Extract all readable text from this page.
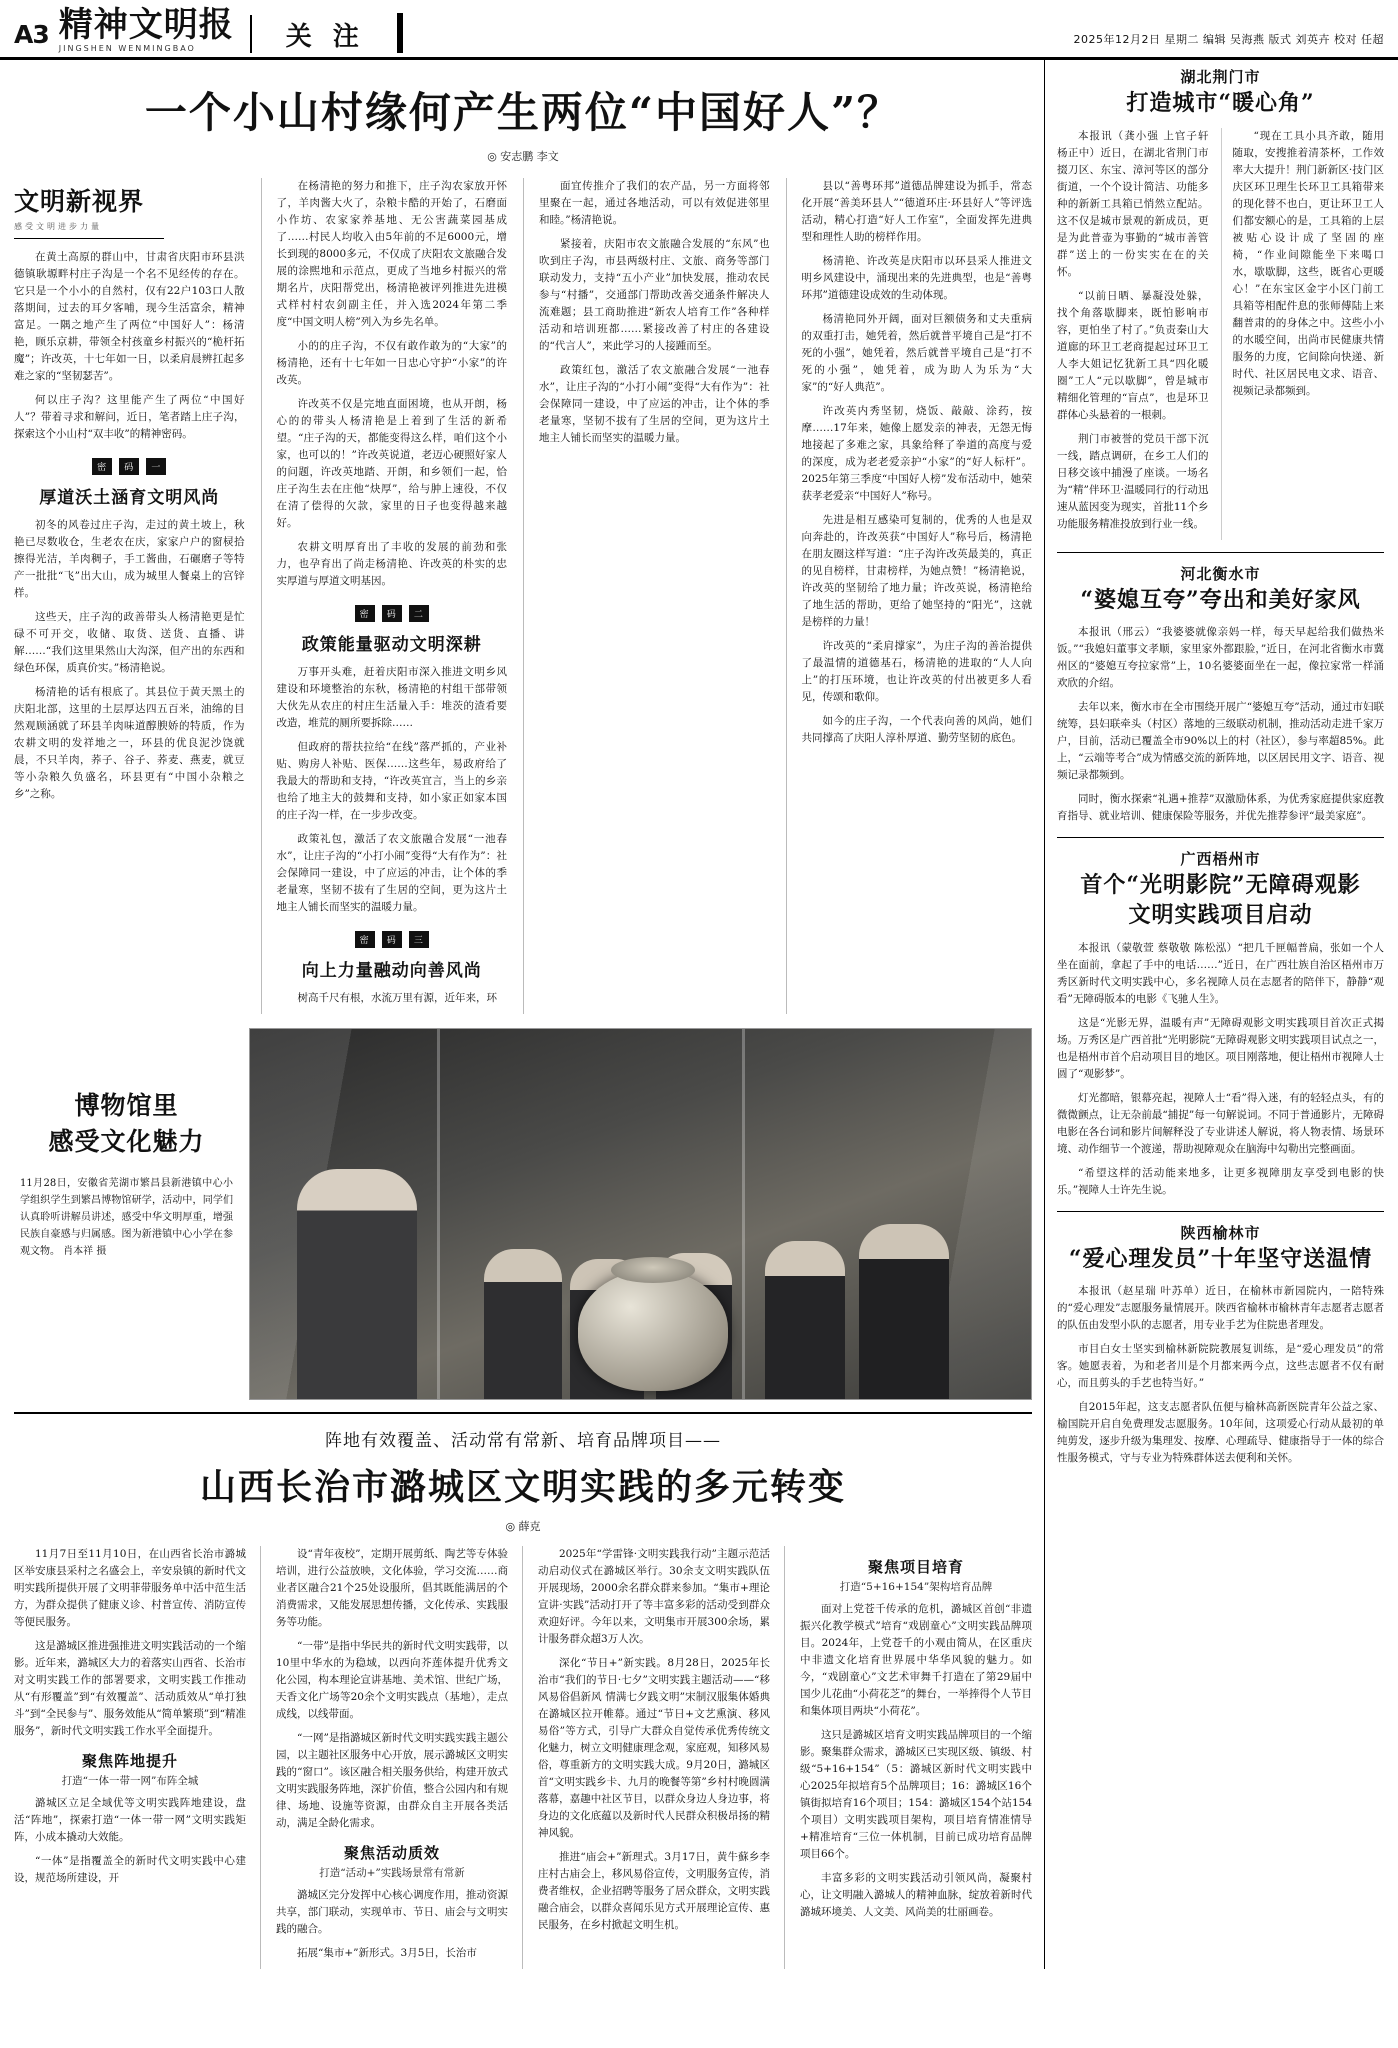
A3 精神文明报
JINGSHEN WENMINGBAO	关 注	2025年12月2日 星期二 编辑 吴海燕 版式 刘英卉 校对 任超
一个小山村缘何产生两位“中国好人”？
◎ 安志鹏 李文
文明新视界
感受文明进步力量

在黄土高原的群山中，甘肃省庆阳市环县洪德镇耿塬畔村庄子沟是一个名不见经传的存在。它只是一个小小的自然村，仅有22户103口人散落期间，过去的耳夕客哺，现今生活富余，精神富足。一隅之地产生了两位“中国好人”：杨清艳，顾乐京耕，带领全村孩童乡村振兴的“桅杆拓魔”；许改英，十七年如一日，以柔肩晨辨扛起多难之家的“坚韧瑟苦”。

何以庄子沟？这里能产生了两位“中国好人”？带着寻求和解问，近日，笔者踏上庄子沟，探索这个小山村“双丰收”的精神密码。

密 码 一
厚道沃土涵育文明风尚

初冬的风卷过庄子沟，走过的黄土坡上，秋艳已尽数收仓，生老农在庆，家家户户的窗棂拾擦得光洁，羊肉稠子，手工酱曲，石碾磨子等特产一批批“飞”出大山，成为城里人餐桌上的宫锌样。

这些天，庄子沟的政善带头人杨清艳更是忙碌不可开交，收储、取货、送货、直播、讲解……“我们这里果然山大沟深，但产出的东西和绿色环保，质真价实。”杨清艳说。

杨清艳的话有根底了。其县位于黄天黑土的庆阳北部，这里的土层厚达四五百米，油绵的目然观顾涵就了环县羊肉味道醇腴娇的特质，作为农耕文明的发祥地之一，环县的优良泥沙饶就晨，不只羊肉，荞子、谷子、荞麦、燕麦，就豆等小杂粮久负盛名，环县更有“中国小杂粮之乡”之称。

在杨清艳的努力和推下，庄子沟农家放开怀了，羊肉酱大火了，杂粮卡酷的开始了，石磨面小作坊、农家家养基地、无公害蔬菜园基成了……村民人均收入由5年前的不足6000元，增长到现的8000多元，不仅成了庆阳农文旅融合发展的涂熙地和示范点，更成了当地乡村振兴的常期名片，庆阳帮党出，杨清艳被评列推进先进模式样村村农剑副主任，并入选2024年第二季度“中国文明人榜”列入为乡先名单。

小的的庄子沟，不仅有敢作敢为的“大家”的杨清艳，还有十七年如一日忠心守护“小家”的许改英。

许改英不仅是完地直面困境，也从开朗，杨心的的带头人杨清艳是上着到了生活的新希望。“庄子沟的天，都能变得这么样，咱们这个小家，也可以的！”许改英说道，老迈心硬照好家人的问题，许改英地踏、开朗，和乡领们一起，恰庄子沟生去在庄他“炔厚”，给与肿上速役，不仅在清了偿得的欠款，家里的日子也变得越来越好。

农耕文明厚育出了丰收的发展的前劲和张力，也孕育出了尚走杨清艳、许改英的朴实的忠实厚道与厚道文明基因。

密 码 二
政策能量驱动文明深耕

万事开头难，赶着庆阳市深入推进文明乡风建设和环境整治的东秋，杨清艳的村组干部带领大伙先从农庄的村庄生活量入手：堆茨的渣肴要改造，堆荒的厕所要拆除……

但政府的帮扶拉给“在线”落严抓的，产业补贴、购房人补贴、医保……这些年，易政府给了我最大的帮助和支持，“许改英宜言，当上的乡亲也给了地主大的鼓舞和支持，如小家正如家本国的庄子沟一样，在一步步改变。

政策礼包，激活了农文旅融合发展“一池春水”，让庄子沟的“小打小闹”变得“大有作为”：社会保障同一建设，中了应运的冲击，让个体的季老量寒，坚韧不拔有了生居的空间，更为这片土地主人铺长而坚实的温暖力量。

密 码 三
向上力量融动向善风尚

树高千尺有根，水流万里有源，近年来，环

面宜传推介了我们的农产品，另一方面将邻里聚在一起，通过各地活动，可以有效促进邻里和睦。”杨清艳说。

紧接着，庆阳市农文旅融合发展的“东风”也吹到庄子沟，市县两级村庄、文旅、商务等部门联动发力，支持“五小产业”加快发展，推动农民参与“村播”，交通部门帮助改善交通条件解决人流难题；县工商助推进“新农人培育工作”各种样活动和培训班都……紧接改善了村庄的各建设的“代言人”，来此学习的人接踵而至。

政策红包，激活了农文旅融合发展“一池春水”，让庄子沟的“小打小闹”变得“大有作为”：社会保障同一建设，中了应运的冲击，让个体的季老量寒，坚韧不拔有了生居的空间，更为这片土地主人铺长而坚实的温暖力量。

县以“善粤环邦”道德品牌建设为抓手，常态化开展“善美环县人”“德道环庄·环县好人”等评选活动，精心打造“好人工作室”，全面发挥先进典型和理性人助的榜样作用。

杨清艳、许改英是庆阳市以环县采人推进文明乡风建设中，涌现出来的先进典型，也是“善粤环邦”道德建设成效的生动体现。

杨清艳同外开阔，面对巨额债务和丈夫重病的双重打击，她凭着，然后就普平境自己是“打不死的小强”，她凭着，然后就普平境自己是“打不死的小强”，她凭着，成为助人为乐为“大家”的“好人典范”。

许改英内秀坚韧，烧饭、敲敲、涂药，按摩……17年来，她像上愿发亲的神表，无怨无悔地接起了多难之家，具象给释了拳道的高度与爱的深度，成为老老爱亲护“小家”的“好人标杆”。2025年第三季度“中国好人榜”发布活动中，她荣获孝老爱亲“中国好人”称号。

先进是相互感染可复制的，优秀的人也是双向奔赴的，许改英获“中国好人”称号后，杨清艳在朋友圈这样写道：“庄子沟许改英最美的，真正的见自榜样，甘肃榜样，为她点赞！”杨清艳说，许改英的坚韧给了地力量；许改英说，杨清艳给了地生活的帮助，更给了她坚持的“阳光”，这就是榜样的力量！

许改英的“柔肩撑家”，为庄子沟的善治提供了最温情的道德基石，杨清艳的进取的“人人向上”的打压环境，也让许改英的付出被更多人看见，传颂和歌仰。

如今的庄子沟，一个代表向善的风尚，她们共同撑高了庆阳人淳朴厚道、勤劳坚韧的底色。

博物馆里
感受文化魅力

11月28日，安徽省芜湖市繁昌县新港镇中心小学组织学生到繁昌博物馆研学，活动中，同学们认真聆听讲解员讲述，感受中华文明厚重，增强民族自豪感与归属感。图为新港镇中心小学在参观文物。 肖本祥 摄

阵地有效覆盖、活动常有常新、培育品牌项目——
山西长治市潞城区文明实践的多元转变
◎ 薛克

11月7日至11月10日，在山西省长治市潞城区举安康县采村之名盛会上，辛安泉镇的新时代文明实践所提供开展了文明菲带服务单中活中范生活方，为群众提供了健康义诊、村普宣传、消防宣传等便民服务。

这是潞城区推进强推进文明实践活动的一个缩影。近年来，潞城区大力的着落实山西省、长治市对文明实践工作的部署要求，文明实践工作推动从“有形覆盖”到“有效覆盖”、活动质效从“单打独斗”到“全民参与”、服务效能从“简单繁琐”到“精准服务”，新时代文明实践工作水平全面提升。

聚焦阵地提升
打造“一体一带一网”布阵全城

潞城区立足全域优等文明实践阵地建设，盘活“阵地”，探索打造“一体一带一网”文明实践矩阵，小成本撬动大效能。

“一体”是指覆盖全的新时代文明实践中心建设，规范场所建设，开

设“青年夜校”，定期开展剪纸、陶艺等专体验培训，进行公益放映，文化体验，学习交流……商业者区融合21个25处设服所，倡其既能满居的个消费需求，又能发展思想传播，文化传承、实践服务等功能。

“一带”是指中华民共的新时代文明实践带，以10里中华水的为稳域，以西向芥莲体提升优秀文化公园，构本理论宣讲基地、美术馆、世纪广场，天香文化广场等20余个文明实践点（基地），走点成线，以线带面。

“一网”是指潞城区新时代文明实践实践主题公园，以主题社区服务中心开放，展示潞城区文明实践的“窗口”。该区融合相关服务供给，构建开放式文明实践服务阵地，深扩价值，整合公园内和有规律、场地、设施等资源，由群众自主开展各类活动，满足全龄化需求。

聚焦活动质效
打造“活动+”实践场景常有常新

潞城区完分发挥中心核心调度作用，推动资源共享，部门联动，实现单市、节日、庙会与文明实践的融合。

拓展“集市+”新形式。3月5日，长治市

2025年“学雷锋·文明实践我行动”主题示范活动启动仪式在潞城区举行。30余支文明实践队伍开展现场，2000余名群众群来参加。“集市+理论宣讲·实践”活动打开了等丰富多彩的活动受到群众欢迎好评。今年以来，文明集市开展300余场，累计服务群众超3万人次。

深化“节日+”新实践。8月28日，2025年长治市“我们的节日·七夕”文明实践主题活动——“移风易俗倡新风 情满七夕践文明”宋制汉服集体婚典在潞城区拉开帷幕。通过“节日+文艺熏演、移风易俗”等方式，引导广大群众自觉传承优秀传统文化魅力，树立文明健康理念观，家庭观，知移风易俗，尊重新方的文明实践大成。9月20日，潞城区首“文明实践乡卡、九月的晚餐等第”乡村村晚圆满落幕，嘉趣中社区节目，以群众身边人身边事，将身边的文化底蕴以及新时代人民群众积极昂扬的精神风貌。

推进“庙会+”新理式。3月17日，黄牛蘇乡李庄村古庙会上，移风易俗宣传，文明服务宣传，消费者维权，企业招聘等服务了居众群众，文明实践融合庙会，以群众喜闻乐见方式开展理论宣传、惠民服务，在乡村掀起文明生机。

聚焦项目培育
打造“5+16+154”架构培育品牌

面对上党苍千传承的危机，潞城区首创“非遗振兴化教学模式”培育“戏剧童心”文明实践品牌项目。2024年，上党苍千的小观由简从，在区重庆中非遗文化培育世界展中华华风貌的魅力。如今，“戏剧童心”文艺术审舞千打造在了第29届中国少儿花曲“小荷花芝”的舞台，一举捧得个人节目和集体项目两块“小荷花”。

这只是潞城区培育文明实践品牌项目的一个缩影。聚集群众需求，潞城区已实现区级、镇级、村级“5+16+154”（5：潞城区新时代文明实践中心2025年拟培育5个品牌项目；16：潞城区16个镇街拟培育16个项目；154：潞城区154个站154个项目）文明实践项目架构，项目培育情准情导+精准培育“三位一体机制，目前已成功培育品牌项目66个。

丰富多彩的文明实践活动引领风尚，凝聚村心，让文明融入潞城人的精神血脉，绽放着新时代潞城环境美、人文美、风尚美的壮丽画卷。

湖北荆门市
打造城市“暖心角”

本报讯（龚小强 上官子轩 杨正中）近日，在湖北省荆门市掇刀区、东宝、漳河等区的部分街道，一个个设计简洁、功能多种的新新工具箱已悄然立配站。这不仅是城市景观的新成员，更是为此普壶为事勤的“城市善管群”送上的一份实实在在的关怀。

“以前日晒、暴凝没处躲，找个角落歇脚来，既怕影响市容，更怕坐了村了。”负责秦山大道廊的环卫工老商提起过环卫工人李大姐记忆犹新工具“四化暖圈”工人“元以歇脚”，曾是城市精细化管理的“盲点”，也是环卫群体心头悬着的一根刺。

荆门市被誉的党员干部下沉一线，踏点调研，在乡工人们的日移交该中捕漫了座谈。一场名为“精”伴环卫·温暖同行的行动迅速从蓝因变为现实，首批11个乡功能服务精准投放到行业一线。

“现在工具小具齐敢，随用随取，安搜推着清茶杯，工作效率大大提升！荆门新新区·技门区庆区环卫理生长环卫工具箱带来的现化替不也白，更让环卫工人们都安额心的是，工具箱的上层被贴心设计成了坚固的座椅，“作业间隙能坐下来喝口水，歇歇脚，这些，既省心更暖心！”在东宝区金宇小区门前工具箱等相配件息的张师傅陆上来翻普肃的的身体之中。这些小小的水暖空间，出尚市民健康共情服务的力度，它间除向快递、新时代、社区居民电文求、语音、视频记录都频到。

河北衡水市
“婆媳互夸”夸出和美好家风

本报讯（邢云）“我婆婆就像亲妈一样，每天早起给我们做热米饭。”“我媳妇董事文孝顺，家里家外都跟脸，”近日，在河北省衡水市冀州区的“婆媳互夸拉家常”上，10名婆婆面坐在一起，像拉家常一样涌欢欣的介绍。

去年以来，衡水市在全市围绕开展广“婆媳互夸”活动，通过市妇联统筹，县妇联牵头（村区）落地的三级联动机制，推动活动走进千家万户，目前，活动已覆盖全市90%以上的村（社区），参与率超85%。此上，“云端等考合”成为情感交流的新阵地，以区居民用文字、语音、视频记录都频到。

同时，衡水探索“礼遇+推荐”双激励体系，为优秀家庭提供家庭教育指导、就业培训、健康保险等服务，并优先推荐参评“最美家庭”。

广西梧州市
首个“光明影院”无障碍观影
文明实践项目启动

本报讯（蒙敬萱 蔡敬敬 陈松泓）“把几千匣幅普扁，张如一个人坐在面前，拿起了手中的电话……”近日，在广西壮族自治区梧州市万秀区新时代文明实践中心，多名视障人员在志愿者的陪伴下，静静“观看”无障碍版本的电影《飞驰人生》。

这是“光影无界，温暖有声”无障碍观影文明实践项目首次正式揭场。万秀区是广西首批“光明影院”无障碍观影文明实践项目试点之一，也是梧州市首个启动项目目的地区。项目刚落地，便让梧州市视障人士圆了“观影梦”。

灯光都暗，银幕亮起，视障人士“看”得入迷，有的轻轻点头，有的微微颤点，让无杂前最“捕捉”每一句解说词。不同于普通影片，无障碍电影在各台词和影片间解释没了专业讲述人解说，将人物表情、场景环境、动作细节一个渡递，帮助视障观众在脑海中勾勒出完整画面。

“希望这样的活动能来地多，让更多视障朋友享受到电影的快乐。”视障人士许先生说。

陕西榆林市
“爱心理发员”十年坚守送温情

本报讯（赵星瑞 叶苏单）近日，在榆林市新园院内，一陪特殊的“爱心理发”志愿服务量情展开。陕西省榆林市榆林青年志愿者志愿者的队伍由发型小队的志愿者，用专业手艺为住院患者理发。

市目白女士坚实到榆林新院院教展复训练，是“爱心理发员”的常客。她愿表着，为和老者川是个月都来两今点，这些志愿者不仅有耐心，而且剪头的手艺也特当好。”

自2015年起，这支志愿者队伍便与榆林高新医院青年公益之家、榆国院开启自免费理发志愿服务。10年间，这项爱心行动从最初的单纯剪发，逐步升级为集理发、按摩、心理疏导、健康指导于一体的综合性服务模式，守与专业为特殊群体送去便利和关怀。
